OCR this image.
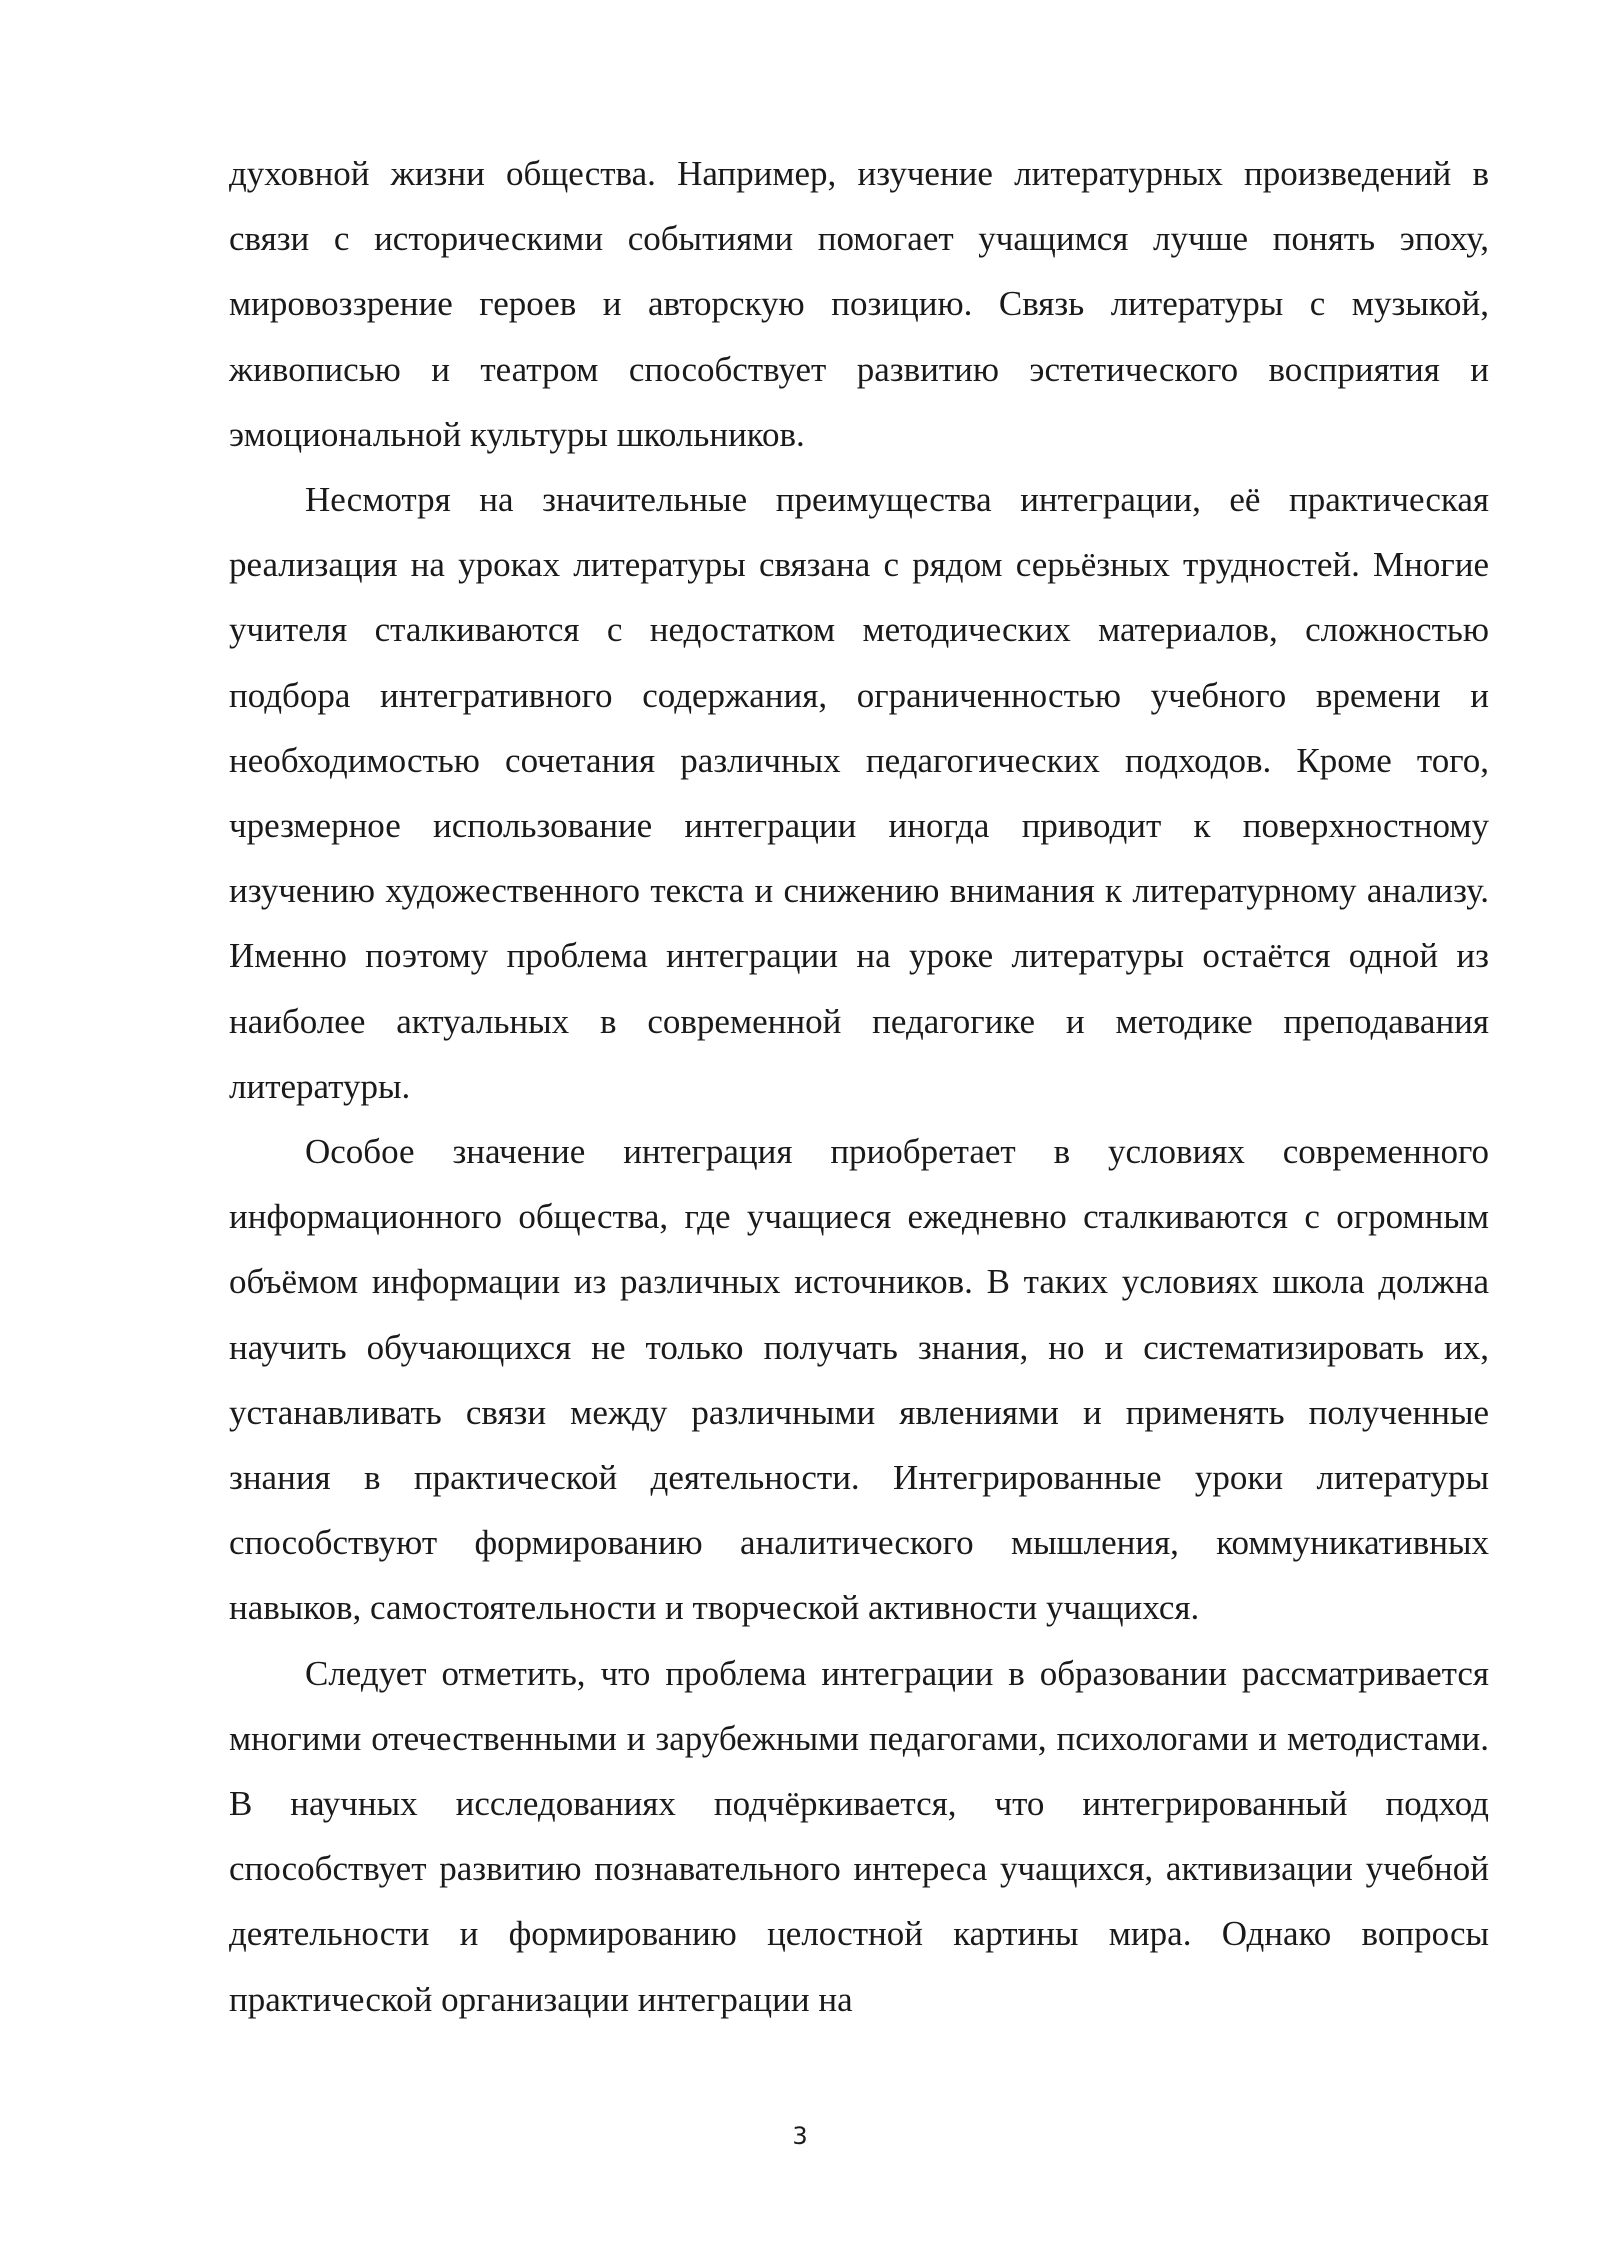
духовной жизни общества. Например, изучение литературных произведений в связи с историческими событиями помогает учащимся лучше понять эпоху, мировоззрение героев и авторскую позицию. Связь литературы с музыкой, живописью и театром способствует развитию эстетического восприятия и эмоциональной культуры школьников.

Несмотря на значительные преимущества интеграции, её практическая реализация на уроках литературы связана с рядом серьёзных трудностей. Многие учителя сталкиваются с недостатком методических материалов, сложностью подбора интегративного содержания, ограниченностью учебного времени и необходимостью сочетания различных педагогических подходов. Кроме того, чрезмерное использование интеграции иногда приводит к поверхностному изучению художественного текста и снижению внимания к литературному анализу. Именно поэтому проблема интеграции на уроке литературы остаётся одной из наиболее актуальных в современной педагогике и методике преподавания литературы.

Особое значение интеграция приобретает в условиях современного информационного общества, где учащиеся ежедневно сталкиваются с огромным объёмом информации из различных источников. В таких условиях школа должна научить обучающихся не только получать знания, но и систематизировать их, устанавливать связи между различными явлениями и применять полученные знания в практической деятельности. Интегрированные уроки литературы способствуют формированию аналитического мышления, коммуникативных навыков, самостоятельности и творческой активности учащихся.

Следует отметить, что проблема интеграции в образовании рассматривается многими отечественными и зарубежными педагогами, психологами и методистами. В научных исследованиях подчёркивается, что интегрированный подход способствует развитию познавательного интереса учащихся, активизации учебной деятельности и формированию целостной картины мира. Однако вопросы практической организации интеграции на

3
